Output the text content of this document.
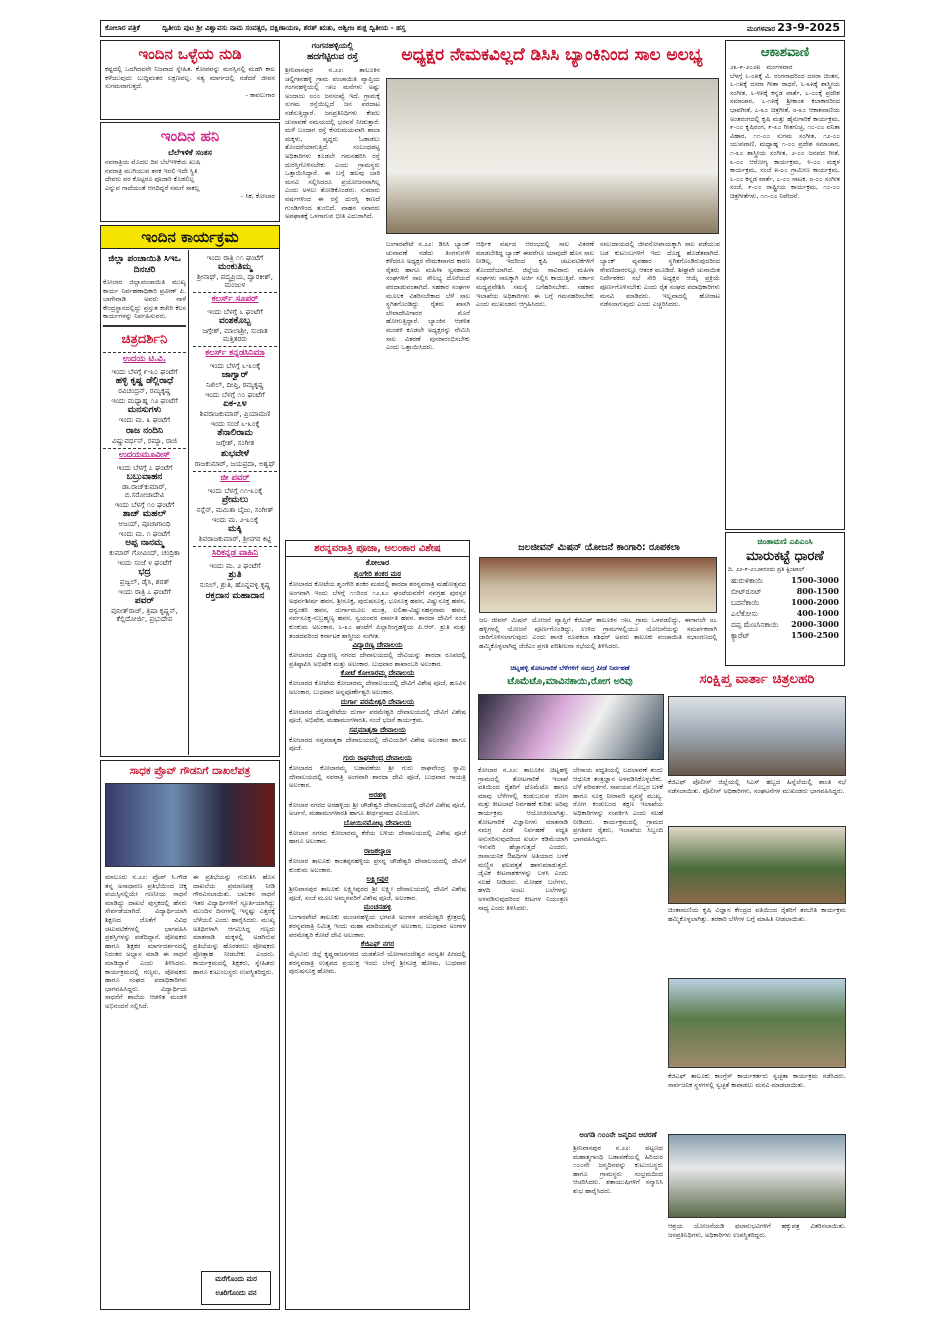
ಕೋಲಾರ ಪತ್ರಿಕೆ	ದ್ವಿತೀಯ ಪುಟ ಶ್ರೀ ವಿಶ್ವಾವಸು ನಾಮ ಸಂವತ್ಸರ, ದಕ್ಷಿಣಾಯಣ, ಶರತ್ ಋತು, ಆಶ್ವೀಜ ಶುಕ್ಲ ದ್ವಿತೀಯ - ಹಸ್ತ	ಮಂಗಳವಾರ 23-9-2025
ಇಂದಿನ ಒಳ್ಳೆಯ ನುಡಿ
ಕಷ್ಟದಲ್ಲಿ ಒದಗಿದವನೇ ನಿಜವಾದ ಸ್ನೇಹಿತ. ಕೋಪವನ್ನು ಮನಸ್ಸಿನಲ್ಲಿ ಮಡಗಿ ಕಾಲ ಕಳೆಯುವುದು ಬುದ್ಧಿವಂತರ ಲಕ್ಷಣವಲ್ಲ. ಸತ್ಯ ಮಾರ್ಗದಲ್ಲಿ ನಡೆದರೆ ಜೀವನ ಸುಗಮವಾಗುತ್ತದೆ.
- ಕಾವಲುಗಾರ
ಇಂದಿನ ಹನಿ
ಬೆಲೆಇಳಿಕೆ ಸಂತಸ
ನವರಾತ್ರಿಯ ಮೊದಲ ದಿನ ಬೆಲೆಇಳಿಕೆಯ ಖುಷಿ
ನವರಾತ್ರಿ ಮುಗಿಯುವ ತನಕ ಇರಲಿ ಇದೇ ಸ್ಥಿತಿ
ದೇವರು ವರ ಕೊಟ್ಟರೂ ಪೂಜಾರಿ ಕೊಡಲಿಲ್ಲ
ಎನ್ನುವ ಗಾದೆಯಂತೆ ಆಗದಿದ್ದರೆ ನಮಗೆ ಸಾಕಲ್ಲ
- ಸಿಕ, ಕೋಲಾರ
ಇಂದಿನ ಕಾರ್ಯಕ್ರಮ
ಜಿಲ್ಲಾ ಪಂಚಾಯಿತಿ ಸಿಇಒ ದಿನಚರಿ
ಕೋಲಾರ ಜಿಲ್ಲಾಪಂಚಾಯಿತಿ ಮುಖ್ಯ ಕಾರ್ಯ ನಿರ್ವಹಣಾಧಿಕಾರಿ ಪ್ರವೀಣ್ ಪಿ. ಬಾಗೇವಾಡಿ ಅವರು ನಾಳೆ ಕೇಂದ್ರಸ್ಥಾನದಲ್ಲಿದ್ದು ಪ್ರಸ್ತುತ ಕಚೇರಿ ಕೆಲಸ ಕಾರ್ಯಗಳನ್ನು ನಿರ್ವಹಿಸುವರು.
ಚಿತ್ರದರ್ಶಿನಿ
ಉದಯ ಟಿ.ವಿ.
ಇಂದು ಬೆಳಗ್ಗೆ ೯-೩೦ ಘಂಟೆಗೆ
ಹಳ್ಳಿ ಕೃಷ್ಣ ಡೆಲ್ಲಿರಾಧೆ
ರವಿಚಂದ್ರನ್, ರಮ್ಯಕೃಷ್ಣ
ಇಂದು ಮಧ್ಯಾಹ್ನ ೧೨ ಘಂಟೆಗೆ
ಮನಸುಗಳು
ಇಂದು ಮ. ೩ ಘಂಟೆಗೆ
ರಾಜ ನಂದಿನಿ
ವಿಷ್ಣುವರ್ಧನ್, ರಮ್ಯಾ, ರಾಜಿ
ಉದಯಮೂವೀಸ್
ಇಂದು ಬೆಳಗ್ಗೆ ೭ ಘಂಟೆಗೆ
ಬಬ್ರುವಾಹನ
ಡಾ.ರಾಜ್‌ಕುಮಾರ್, ಬಿ.ಸರೋಜಾದೇವಿ
ಇಂದು ಬೆಳಗ್ಗೆ ೧೦ ಘಂಟೆಗೆ
ತಾಜ್ ಮಹಲ್
ಅಜಯ್, ಪೂಜಾಗಾಂಧಿ
ಇಂದು ಮ. ೧ ಘಂಟೆಗೆ
ಅಪ್ಪ ನಾನಮ್ಮ
ಕುಮಾರ್ ಗೋವಿಂದ್, ಚಂದ್ರಿಕಾ
ಇಂದು ಸಂಜೆ ೪ ಘಂಟೆಗೆ
ಭದ್ರ
ಪ್ರಜ್ವಲ್, ಡೈಸಿ, ಶರತ್
ಇಂದು ರಾತ್ರಿ ೭ ಘಂಟೆಗೆ
ಪವರ್
ಪುನೀತ್‌ರಾಜ್, ತ್ರಿಷಾ ಕೃಷ್ಣನ್, ಕೆಲ್ಲಿದೋರ್ಜಿ, ಪ್ರಭುದೇವ
ಇಂದು ರಾತ್ರಿ ೧೧ ಘಂಟೆಗೆ
ಮಂಕುತಿಮ್ಮ
ಶ್ರೀನಾಥ್, ಪದ್ಮಪ್ರಿಯ, ದ್ವಾರಕೀಶ್, ಮಂಜುಳ
ಕಲರ್ಸ್ ಸೂಪರ್
ಇಂದು ಬೆಳಗ್ಗೆ ೬ ಘಂಟೆಗೆ
ವಂಶಕೊಬ್ಬ
ಜಗ್ಗೇಶ್, ಮಾಲಾಶ್ರೀ, ಸುಜಾತ ಮತ್ತಿತರರು
ಕಲರ್ಸ್ ಕನ್ನಡಸಿನಿಮಾ
ಇಂದು ಬೆಳಗ್ಗೆ ೬-೩೦ಕ್ಕೆ
ಜಾಗ್ವಾರ್
ನಿಖಿಲ್, ದೀಪ್ತಿ, ರಮ್ಯಕೃಷ್ಣ
ಇಂದು ಬೆಳಗ್ಗೆ ೧೦ ಘಂಟೆಗೆ
ಏಕ-೭೪
ಶಿವರಾಜಕುಮಾರ್, ಪ್ರಿಯಾಮಣಿ
ಇಂದು ಸಂಜೆ ೬-೩೦ಕ್ಕೆ
ತೆನಾಲಿರಾಮ
ಜಗ್ಗೇಶ್, ಸಂಗೀತ
ಶುಭವೇಳೆ
ರಾಜಕುಮಾರ್, ಜಯಪ್ರದಾ, ಅಶ್ವಥ್
ಜೀ ಪವರ್
ಇಂದು ಬೆಳಗ್ಗೆ ೧೧-೩೦ಕ್ಕೆ
ಪ್ರೇಮಲು
ನಸ್ಲೆನ್, ಮಮಿತಾ ಬೈಜು, ಸಂಗೀತ್
ಇಂದು ಮ. ೨-೩೦ಕ್ಕೆ
ಮಕ್ಕಿ
ಶಿವರಾಜಕುಮಾರ್, ಶ್ರೀನಗರ ಕಿಟ್ಟಿ
ಸಿರಿಕನ್ನಡ ವಾಹಿನಿ
ಇಂದು ಮ. ೨ ಘಂಟೆಗೆ
ಶ್ರುತಿ
ಸುನಿಲ್, ಶ್ರುತಿ, ಹೊನ್ನವಳ್ಳಿ ಕೃಷ್ಣ
ರಕ್ತದಾನ ಮಹಾದಾನ
ಸಾಧಕ ಪ್ರೊವ್ ಗೌಡನಿಗೆ ದಾಖಲೆಪತ್ರ
ಮಾಲೂರು ನ.೨೨: ಪ್ರೊವ್ ಸಿ.ಗೌಡ ತನ್ನ ಅಸಾಧಾರಣ ಪ್ರತಿಭೆಯಿಂದ ಚಿಕ್ಕ ವಯಸ್ಸಿನಲ್ಲಿಯೇ ಗಣನೀಯ ಸಾಧನೆ ಮಾಡಿದ್ದು ದಾಖಲೆ ಪುಸ್ತಕದಲ್ಲಿ ಹೆಸರು ಸೇರ್ಪಡೆಯಾಗಿದೆ. ವಿದ್ಯಾರ್ಥಿಯಾಗಿ ಶಿಕ್ಷಣದ ಜೊತೆಗೆ ವಿವಿಧ ಚಟುವಟಿಕೆಗಳಲ್ಲಿ ಭಾಗವಹಿಸಿ ಪ್ರಶಸ್ತಿಗಳನ್ನು ಪಡೆದಿದ್ದಾನೆ. ಪೋಷಕರು ಹಾಗೂ ಶಿಕ್ಷಕರ ಮಾರ್ಗದರ್ಶನದಲ್ಲಿ ನಿರಂತರ ಅಭ್ಯಾಸ ಮಾಡಿ ಈ ಸಾಧನೆ ಮಾಡಿದ್ದಾನೆ ಎಂದು ತಿಳಿಸಿದರು. ಕಾರ್ಯಕ್ರಮದಲ್ಲಿ ಗಣ್ಯರು, ಪೋಷಕರು ಹಾಗೂ ಸಂಘದ ಪದಾಧಿಕಾರಿಗಳು ಭಾಗವಹಿಸಿದ್ದರು. ವಿದ್ಯಾರ್ಥಿಯ ಸಾಧನೆಗೆ ಶಾಲೆಯ ಆಡಳಿತ ಮಂಡಳಿ ಅಭಿನಂದನೆ ಸಲ್ಲಿಸಿದೆ.
ಈ ಪ್ರತಿಭೆಯನ್ನು ಗುರುತಿಸಿ ಹೊಸ ದಾಖಲೆಯ ಪ್ರಮಾಣಪತ್ರ ನೀಡಿ ಗೌರವಿಸಲಾಯಿತು. ಬಾಲಕನ ಸಾಧನೆ ಇತರ ವಿದ್ಯಾರ್ಥಿಗಳಿಗೆ ಸ್ಫೂರ್ತಿಯಾಗಿದ್ದು ಮುಂದಿನ ದಿನಗಳಲ್ಲಿ ಇನ್ನಷ್ಟು ಎತ್ತರಕ್ಕೆ ಬೆಳೆಯಲಿ ಎಂದು ಹಾರೈಸಿದರು. ಮುಖ್ಯ ಅತಿಥಿಗಳಾಗಿ ಆಗಮಿಸಿದ್ದ ಗಣ್ಯರು ಮಾತನಾಡಿ ಮಕ್ಕಳಲ್ಲಿ ಅಡಗಿರುವ ಪ್ರತಿಭೆಯನ್ನು ಹೊರತರಲು ಪೋಷಕರು ಪ್ರೋತ್ಸಾಹ ನೀಡಬೇಕು ಎಂದರು. ಕಾರ್ಯಕ್ರಮದಲ್ಲಿ ಶಿಕ್ಷಕರು, ಸ್ನೇಹಿತರು ಹಾಗೂ ಕುಟುಂಬಸ್ಥರು ಉಪಸ್ಥಿತರಿದ್ದರು.
ಮರೆಗೊಂದು ಮರ ಊರಿಗೊಂದು ವನ
ಗಂಗನಹಳ್ಳಿಯಲ್ಲಿ
ಹದಗೆಟ್ಟಿರುವ ರಸ್ತೆ
ಶ್ರೀನಿವಾಸಪುರ ನ.೨೨: ತಾಲೂಕಿನ ಚಲ್ದಿಗಾನಹಳ್ಳಿ ಗ್ರಾಮ ಪಂಚಾಯಿತಿ ವ್ಯಾಪ್ತಿಯ ಗಂಗನಹಳ್ಳಿಯಲ್ಲಿ ೧೫೦ ಮನೆಗಳು ಅಷ್ಟು ಅಂದಾಜು ೮೦೦ ಜನಸಂಖ್ಯೆ ಇದೆ. ಗ್ರಾಮಕ್ಕೆ ಸುಗಮ ರಸ್ತೆಯಿಲ್ಲದೆ ಜನ ಪರದಾಟ ನಡೆಸುತ್ತಿದ್ದಾರೆ. ಜನಪ್ರತಿನಿಧಿಗಳು ಕೇವಲ ಚುನಾವಣೆ ಸಮಯದಲ್ಲಿ ಭರವಸೆ ನೀಡುತ್ತಾರೆ. ಮಳೆ ಬಂದಾಗ ರಸ್ತೆ ಕೆಸರುಮಯವಾಗಿ ಶಾಲಾ ಮಕ್ಕಳು, ವೃದ್ಧರು ಓಡಾಡಲು ತೊಂದರೆಯಾಗುತ್ತಿದೆ. ಸಂಬಂಧಪಟ್ಟ ಅಧಿಕಾರಿಗಳು ಕೂಡಲೇ ಗಮನಹರಿಸಿ ರಸ್ತೆ ದುರಸ್ತಿಗೊಳಿಸಬೇಕು ಎಂದು ಗ್ರಾಮಸ್ಥರು ಒತ್ತಾಯಿಸಿದ್ದಾರೆ. ಈ ಬಗ್ಗೆ ಹಲವು ಬಾರಿ ಮನವಿ ಸಲ್ಲಿಸಿದರೂ ಪ್ರಯೋಜನವಾಗಿಲ್ಲ ಎಂದು ಅಳಲು ತೋಡಿಕೊಂಡರು. ಸುಮಾರು ವರ್ಷಗಳಿಂದ ಈ ರಸ್ತೆ ದುರಸ್ತಿ ಕಾಣದೆ ಗುಂಡಿಗಳಿಂದ ತುಂಬಿದೆ. ವಾಹನ ಸವಾರರು ಅಪಘಾತಕ್ಕೆ ಒಳಗಾಗುವ ಭೀತಿ ಎದುರಾಗಿದೆ.
ಅಧ್ಯಕ್ಷರ ನೇಮಕವಿಲ್ಲದೆ ಡಿಸಿಸಿ ಬ್ಯಾಂಕಿನಿಂದ ಸಾಲ ಅಲಭ್ಯ
ಬಂಗಾರಪೇಟೆ ನ.೨೨: ಡಿಸಿಸಿ ಬ್ಯಾಂಕ್ ಚುನಾವಣೆ ನಡೆದು ತಿಂಗಳುಗಳೇ ಕಳೆದರೂ ಅಧ್ಯಕ್ಷರ ನೇಮಕವಾಗದ ಕಾರಣ ರೈತರು ಹಾಗೂ ಮಹಿಳಾ ಸ್ವಸಹಾಯ ಸಂಘಗಳಿಗೆ ಸಾಲ ಸೌಲಭ್ಯ ದೊರೆಯದೆ ಪರದಾಡುವಂತಾಗಿದೆ. ಸಹಕಾರ ಸಂಘಗಳ ಮೂಲಕ ವಿತರಿಸಬೇಕಾದ ಬೆಳೆ ಸಾಲ ಸ್ಥಗಿತಗೊಂಡಿದ್ದು ರೈತರು ಖಾಸಗಿ ಲೇವಾದೇವಿಗಾರರ ಮೊರೆ ಹೋಗುತ್ತಿದ್ದಾರೆ. ಬ್ಯಾಂಕಿನ ಆಡಳಿತ ಮಂಡಳಿ ಕೂಡಲೇ ಅಧ್ಯಕ್ಷರನ್ನು ನೇಮಿಸಿ ಸಾಲ ವಿತರಣೆ ಪುನರಾರಂಭಿಸಬೇಕು ಎಂದು ಒತ್ತಾಯಿಸಿದರು.
ಆರ್ಥಿಕ ವರ್ಷದ ಆರಂಭದಲ್ಲಿ ಸಾಲ ವಿತರಣೆ ಮಾಡಬೇಕಿದ್ದ ಬ್ಯಾಂಕ್ ಈವರೆಗೂ ಯಾವುದೇ ಹೊಸ ಸಾಲ ನೀಡಿಲ್ಲ. ಇದರಿಂದ ಕೃಷಿ ಚಟುವಟಿಕೆಗಳಿಗೆ ತೊಂದರೆಯಾಗಿದೆ. ಜಿಲ್ಲೆಯ ಸಾವಿರಾರು ಮಹಿಳಾ ಸಂಘಗಳು ಸಾಲಕ್ಕಾಗಿ ಅರ್ಜಿ ಸಲ್ಲಿಸಿ ಕಾಯುತ್ತಿವೆ. ಸರ್ಕಾರ ಮಧ್ಯಪ್ರವೇಶಿಸಿ ಸಮಸ್ಯೆ ಬಗೆಹರಿಸಬೇಕು. ಸಹಕಾರ ಇಲಾಖೆಯ ಅಧಿಕಾರಿಗಳು ಈ ಬಗ್ಗೆ ಗಮನಹರಿಸಬೇಕು ಎಂದು ಮುಖಂಡರು ಆಗ್ರಹಿಸಿದರು.
ಸಮುದಾಯದಲ್ಲಿ ಜೀವನೋಪಾಯಕ್ಕಾಗಿ ಸಾಲ ಪಡೆಯುವ ಬಡ ಕುಟುಂಬಗಳಿಗೆ ಇದು ದೊಡ್ಡ ಹೊಡೆತವಾಗಿದೆ. ಬ್ಯಾಂಕ್ ವ್ಯವಹಾರ ಸ್ಥಗಿತಗೊಂಡಿರುವುದರಿಂದ ಠೇವಣಿದಾರರಲ್ಲೂ ಆತಂಕ ಮೂಡಿದೆ. ಶೀಘ್ರವೇ ಚುನಾಯಿತ ನಿರ್ದೇಶಕರು ಸಭೆ ಸೇರಿ ಅಧ್ಯಕ್ಷರ ಆಯ್ಕೆ ಪ್ರಕ್ರಿಯೆ ಪೂರ್ಣಗೊಳಿಸಬೇಕು ಎಂದು ರೈತ ಸಂಘದ ಪದಾಧಿಕಾರಿಗಳು ಮನವಿ ಮಾಡಿದರು. ಇಲ್ಲವಾದಲ್ಲಿ ಹೋರಾಟ ನಡೆಸಲಾಗುವುದು ಎಂದು ಎಚ್ಚರಿಸಿದರು.
ಆಕಾಶವಾಣಿ
೨೩-೯-೨೦೨೫ ಮಂಗಳವಾರ
ಬೆಳಗ್ಗೆ ೬-೦೫ಕ್ಕೆ ವಿ. ರಂಗನಾಥರಿಂದ ದಸರಾ ಚಿಂತನ, ೬-೧೫ಕ್ಕೆ ದಸರಾ ಗೀತಾ ರಾಧನೆ, ೬-೩೫ಕ್ಕೆ ಶಾಸ್ತ್ರೀಯ ಸಂಗೀತ, ೬-೪೫ಕ್ಕೆ ಕನ್ನಡ ವಾರ್ತೆ, ೭-೦೦ಕ್ಕೆ ಪ್ರದೇಶ ಸಮಾಚಾರ, ೭-೧೫ಕ್ಕೆ ಶ್ರೀಕಾಂತ ಕಲಾಕಾರರಿಂದ ಭಾವಗೀತೆ, ೭-೩೦ ಚಿತ್ರಗೀತೆ, ೮-೩೦ ಆಕಾಶವಾಣಿಯ ಅಂತರಂಗದಲ್ಲಿ ಕೃಷಿ ಮತ್ತು ಹೈನುಗಾರಿಕೆ ಕಾರ್ಯಕ್ರಮ, ೯-೦೦ ಕೃಷಿರಂಗ, ೯-೩೦ ಗೀತಗುಚ್ಛ, ೧೦-೦೦ ವನಿತಾ ವಿಹಾರ, ೧೧-೦೦ ಸುಗಮ ಸಂಗೀತ, ೧೨-೦೦ ಯುವವಾಣಿ, ಮಧ್ಯಾಹ್ನ ೧-೦೦ ಪ್ರದೇಶ ಸಮಾಚಾರ, ೧-೩೦ ಶಾಸ್ತ್ರೀಯ ಸಂಗೀತ, ೨-೦೦ ಜನಪದ ಗೀತೆ, ೩-೦೦ ಆರೋಗ್ಯ ಕಾರ್ಯಕ್ರಮ, ೪-೦೦ ಮಕ್ಕಳ ಕಾರ್ಯಕ್ರಮ, ಸಂಜೆ ೫-೦೦ ಗ್ರಾಮೀಣ ಕಾರ್ಯಕ್ರಮ, ೬-೦೦ ಕನ್ನಡ ವಾರ್ತೆ, ೭-೦೦ ನಾಟಕ, ೮-೦೦ ಸಂಗೀತ ಸಂಜೆ, ೯-೦೦ ರಾಷ್ಟ್ರೀಯ ಕಾರ್ಯಕ್ರಮ, ೧೦-೦೦ ಚಿತ್ರಗೀತೆಗಳು, ೧೧-೦೦ ನಿವೇದನೆ.
ಚಿಂತಾಮಣಿ ಎಪಿಎಂಸಿ
ಮಾರುಕಟ್ಟೆ ಧಾರಣೆ
ದಿ. ೨೨-೯-೨೦೨೫ರಂದು ಪ್ರತಿ ಕ್ವಿಂಟಾಲ್
ಹುರುಳಿಕಾಯಿ	1500-3000
ಬೀಟ್‌ರೂಟ್	800-1500
ಬದನೆಕಾಯಿ	1000-2000
ಎಲೆಕೋಸು	400-1000
ದಪ್ಪ ಮೆಣಸಿನಕಾಯಿ	2000-3000
ಕ್ಯಾರೆಟ್	1500-2500
ಶರನ್ನವರಾತ್ರಿ ಪೂಜಾ, ಅಲಂಕಾರ ವಿಶೇಷ
ಕೋಲಾರ
ಶೃಂಗೇರಿ ಶಂಕರ ಮಠ
ಕೋಲಾರದ ಕೋಟೆಯ ಶೃಂಗೇರಿ ಶಂಕರ ಮಠದಲ್ಲಿ ಶಾರದಾ ಶರನ್ನವರಾತ್ರಿ ಮಹೋತ್ಸವದ ಅಂಗವಾಗಿ ಇಂದು ಬೆಳಗ್ಗೆ ೧೧ರಿಂದ ೧೨.೩೦ ಘಂಟೆಯವರೆಗೆ ನವಗ್ರಹ ಪುರಸ್ಸರ ಅಥರ್ವಶೀರ್ಷ ಹವನ, ಶ್ರೀಸೂಕ್ತ, ಪುರುಷಸೂಕ್ತ, ಭೂಸೂಕ್ತ ಹವನ, ವಿಷ್ಣುಸೂಕ್ತ ಹವನ, ಧನ್ವಂತರಿ ಹವನ, ದುರ್ಗಾಮೂಲ ಮಂತ್ರ, ಲಲಿತಾ-ವಿಷ್ಣುಸಹಸ್ರನಾಮ ಹವನ, ಸರ್ವಸೂಕ್ತ-ಸುಬ್ರಹ್ಮಣ್ಯ ಹವನ, ಸ್ವಯಂವರ ಪಾರ್ವತಿ ಹವನ. ಶಾರದಾ ದೇವಿಗೆ ಸಂಜೆ ಕುಂಕುಮ ಅಲಂಕಾರ, ೬-೩೦ ಘಂಟೆಗೆ ಪಿಲ್ಲಾರಿಂಗ್ಲಹಳ್ಳಿಯ ಪಿ.ಆರ್. ಶ್ರುತಿ ಮತ್ತು ತಂಡದವರಿಂದ ಕರ್ನಾಟಕ ಶಾಸ್ತ್ರೀಯ ಸಂಗೀತ.
ವಿದ್ಯಾರಣ್ಯ ದೇವಾಲಯ
ಕೋಲಾರದ ವಿದ್ಯಾರಣ್ಯ ನಗರದ ದೇವಾಲಯದಲ್ಲಿ ದೇವಿಯನ್ನು ಶಾರದಾ ರೂಪದಲ್ಲಿ ಪ್ರತಿಷ್ಠಾಪಿಸಿ ಅಭಿಷೇಕ ಮತ್ತು ಅಲಂಕಾರ. ಬುಧವಾರ ಶಾಖಾಂಬರಿ ಅಲಂಕಾರ.
ಕೋಟೆ ಕೋಲಾರಮ್ಮ ದೇವಾಲಯ
ಕೋಲಾರದ ಕೋಟೆಯ ಕೋಲಾರಮ್ಮ ದೇವಾಲಯದಲ್ಲಿ ದೇವಿಗೆ ವಿಶೇಷ ಪೂಜೆ, ಹೂವಿನ ಅಲಂಕಾರ, ಬುಧವಾರ ಅನ್ನಪೂರ್ಣೇಶ್ವರಿ ಅಲಂಕಾರ.
ದುರ್ಗಾ ಪರಮೇಶ್ವರಿ ದೇವಾಲಯ
ಕೋಲಾರದ ದೊಡ್ಡಪೇಟೆಯ ದುರ್ಗಾ ಪರಮೇಶ್ವರಿ ದೇವಾಲಯದಲ್ಲಿ ದೇವಿಗೆ ವಿಶೇಷ ಪೂಜೆ, ಅಭಿಷೇಕ, ಮಹಾಮಂಗಳಾರತಿ, ಸಂಜೆ ಭಜನೆ ಕಾರ್ಯಕ್ರಮ.
ಸಪ್ತಮಾತೃಕಾ ದೇವಾಲಯ
ಕೋಲಾರದ ಸಪ್ತಮಾತೃಕಾ ದೇವಾಲಯದಲ್ಲಿ ದೇವಿಯರಿಗೆ ವಿಶೇಷ ಅಲಂಕಾರ ಹಾಗೂ ಪೂಜೆ.
ಗುರು ರಾಘವೇಂದ್ರ ದೇವಾಲಯ
ಕೋಲಾರದ ಕೋಲಾರಮ್ಮ ಬಡಾವಣೆಯ ಶ್ರೀ ಗುರು ರಾಘವೇಂದ್ರ ಸ್ವಾಮಿ ದೇವಾಲಯದಲ್ಲಿ ನವರಾತ್ರಿ ಅಂಗವಾಗಿ ಶಾರದಾ ದೇವಿ ಪೂಜೆ, ಬುಧವಾರ ಗಾಯತ್ರಿ ಅಲಂಕಾರ.
ಅರಹಳ್ಳಿ
ಕೋಲಾರ ನಗರದ ಅರಹಳ್ಳಿಯ ಶ್ರೀ ಚೌಡೇಶ್ವರಿ ದೇವಾಲಯದಲ್ಲಿ ದೇವಿಗೆ ವಿಶೇಷ ಪೂಜೆ, ಅರ್ಚನೆ, ಮಹಾಮಂಗಳಾರತಿ ಹಾಗೂ ತೀರ್ಥಪ್ರಸಾದ ವಿನಿಯೋಗ.
ಬೋಯಿನಮೋಟ್ಟ ದೇವಾಲಯ
ಕೋಲಾರ ನಗರದ ಕೋಲಾರಮ್ಮ ಕೆರೆಯ ಬಳಿಯ ದೇವಾಲಯದಲ್ಲಿ ವಿಶೇಷ ಪೂಜೆ ಹಾಗೂ ಅಲಂಕಾರ.
ರಾಜಕಲ್ಯಾಣ
ಕೋಲಾರ ತಾಲೂಕು ಕಾಂತಪ್ಪನಹಳ್ಳಿಯ ಪ್ರಸನ್ನ ಚೌಡೇಶ್ವರಿ ದೇವಾಲಯದಲ್ಲಿ ದೇವಿಗೆ ಕುಂಕುಮ ಅಲಂಕಾರ.
ಲಕ್ಷ್ಮೀಪುರ
ಶ್ರೀನಿವಾಸಪುರ ತಾಲೂಕು ಲಕ್ಷ್ಮೀಪುರದ ಶ್ರೀ ಲಕ್ಷ್ಮೀ ದೇವಾಲಯದಲ್ಲಿ ದೇವಿಗೆ ವಿಶೇಷ ಪೂಜೆ, ಸಂಜೆ ಮೂಲ ಅಮ್ಮನವರಿಗೆ ವಿಶೇಷ ಪೂಜೆ, ಅಲಂಕಾರ.
ಮಂಚನಹಳ್ಳಿ
ಬಂಗಾರಪೇಟೆ ತಾಲೂಕು ಮಂಚನಹಳ್ಳಿಯ ಭಗವತಿ ಅಂಗಾಳ ಪರಮೇಶ್ವರಿ ಕ್ಷೇತ್ರದಲ್ಲಿ ಶರನ್ನವರಾತ್ರಿ ನಿಮಿತ್ತ ಇಂದು ಮಹಾ ಮಾರಿಯಮ್ಮನ್ ಅಲಂಕಾರ, ಬುಧವಾರ ಅಂಗಾಳ ಪರಮೇಶ್ವರಿ ಕೋಟೆ ದೇವಿ ಅಲಂಕಾರ.
ಕೆಜಿಎಫ್ ನಗರ
ಮೈಸೂರು ಜಿಲ್ಲೆ ಕೃಷ್ಣರಾಜನಗರದ ಯಡತೊರೆ ಯೋಗಾನಂದೇಶ್ವರ ಸರಸ್ವತೀ ಪೀಠದಲ್ಲಿ ಶರನ್ನವರಾತ್ರಿ ಉತ್ಸವದ ಪ್ರಯುಕ್ತ ಇಂದು ಬೆಳಗ್ಗೆ ಶ್ರೀಸೂಕ್ತ ಹೋಮ, ಬುಧವಾರ ಪುರುಷಸೂಕ್ತ ಹೋಮ.
ಜಲಜೀವನ್ ಮಿಷನ್ ಯೋಜನೆ ಕಾಂಗಾರಿ: ರೂಪಕಲಾ
ಜಲ ಜೀವನ್ ಮಿಷನ್ ಯೋಜನೆ ವ್ಯಾಪ್ತಿಗೆ ಕೆಜಿಎಫ್ ತಾಲೂಕಿನ ೧೫೬ ಗ್ರಾಮ ಒಳಪಡಲಿದ್ದು, ಈಗಾಗಲೇ ೮೭ ಹಳ್ಳಿಗಳಲ್ಲಿ ಯೋಜನೆ ಪೂರ್ಣಗೊಂಡಿದ್ದು, ಉಳಿದ ಗ್ರಾಮಗಳಲ್ಲಿಯೂ ಯೋಜನೆಯನ್ನು ಸಮರ್ಪಕವಾಗಿ ಜಾರಿಗೊಳಿಸಲಾಗುವುದು ಎಂದು ಶಾಸಕಿ ರೂಪಕಲಾ ಶಶಿಧರ್ ಅವರು ತಾಲೂಕು ಪಂಚಾಯಿತಿ ಸಭಾಂಗಣದಲ್ಲಿ ಹಮ್ಮಿಕೊಳ್ಳಲಾಗಿದ್ದ ಜೆಜೆಎಂ ಪ್ರಗತಿ ಪರಿಶೀಲನಾ ಸಭೆಯಲ್ಲಿ ತಿಳಿಸಿದರು.
ಚಿಟ್ನಹಳ್ಳಿ ತೋಟಗಾರಿಕೆ ಬೆಳೆಗಳಿಗೆ ಸಮಗ್ರ ಪೀಡೆ ನಿರ್ವಹಣೆ
ಟೊಮೆಟೊ,ಮಾವಿನಕಾಯಿ,ರೋಗ ಅರಿವು
ಕೋಲಾರ ನ.೨೨: ತಾಲೂಕಿನ ಚಿಟ್ನಹಳ್ಳಿ ಗ್ರಾಮದಲ್ಲಿ ತೋಟಗಾರಿಕೆ ಇಲಾಖೆ ವತಿಯಿಂದ ರೈತರಿಗೆ ಟೊಮೆಟೊ ಹಾಗೂ ಮಾವು ಬೆಳೆಗಳಲ್ಲಿ ಕಂಡುಬರುವ ರೋಗ ಮತ್ತು ಕೀಟಬಾಧೆ ನಿರ್ವಹಣೆ ಕುರಿತು ಅರಿವು ಕಾರ್ಯಕ್ರಮ ಆಯೋಜಿಸಲಾಗಿತ್ತು. ತೋಟಗಾರಿಕೆ ವಿಜ್ಞಾನಿಗಳು ಮಾತನಾಡಿ ಸಮಗ್ರ ಪೀಡೆ ನಿರ್ವಹಣೆ ಪದ್ಧತಿ ಅನುಸರಿಸುವುದರಿಂದ ಖರ್ಚು ಕಡಿಮೆಯಾಗಿ ಇಳುವರಿ ಹೆಚ್ಚಾಗುತ್ತದೆ ಎಂದರು. ರಾಸಾಯನಿಕ ಔಷಧಿಗಳ ಅತಿಯಾದ ಬಳಕೆ ಮಣ್ಣಿನ ಫಲವತ್ತತೆ ಹಾಳುಮಾಡುತ್ತದೆ. ಜೈವಿಕ ಕೀಟನಾಶಕಗಳನ್ನು ಬಳಸಿ ಎಂದು ಸಲಹೆ ನೀಡಿದರು. ಮೋಹಕ ಬಲೆಗಳು, ಹಳದಿ ಅಂಟು ಬಲೆಗಳನ್ನು ಅಳವಡಿಸುವುದರಿಂದ ಕೀಟಗಳ ನಿಯಂತ್ರಣ ಸಾಧ್ಯ ಎಂದು ತಿಳಿಸಿದರು.
ಬೇಸಾಯ ಪದ್ಧತಿಯಲ್ಲಿ ಬದಲಾವಣೆ ತಂದು ಆಧುನಿಕ ತಂತ್ರಜ್ಞಾನ ಅಳವಡಿಸಿಕೊಳ್ಳಬೇಕು. ಬೆಳೆ ಪರಿವರ್ತನೆ, ಸಾವಯವ ಗೊಬ್ಬರ ಬಳಕೆ ಹಾಗೂ ಸೂಕ್ತ ನೀರಾವರಿ ವ್ಯವಸ್ಥೆ ಮುಖ್ಯ. ರೋಗ ಕಂಡುಬಂದ ತಕ್ಷಣ ಇಲಾಖೆಯ ಅಧಿಕಾರಿಗಳನ್ನು ಸಂಪರ್ಕಿಸಿ ಎಂದು ಸಲಹೆ ನೀಡಿದರು. ಕಾರ್ಯಕ್ರಮದಲ್ಲಿ ಗ್ರಾಮದ ಪ್ರಗತಿಪರ ರೈತರು, ಇಲಾಖೆಯ ಸಿಬ್ಬಂದಿ ಭಾಗವಹಿಸಿದ್ದರು.
ಅಂಗಡಿ ೧೦೦ನೇ ಜನ್ಮದಿನ ಆಚರಣೆ
ಶ್ರೀನಿವಾಸಪುರ ನ.೨೨: ಪಟ್ಟಣದ ಮಹಾತ್ಮಗಾಂಧಿ ಬಡಾವಣೆಯಲ್ಲಿ ಹಿರಿಯರ ೧೦೦ನೇ ಜನ್ಮದಿನವನ್ನು ಕುಟುಂಬಸ್ಥರು ಹಾಗೂ ಗ್ರಾಮಸ್ಥರು ಸಂಭ್ರಮದಿಂದ ಆಚರಿಸಿದರು. ಶತಾಯುಷಿಗಳಿಗೆ ಸನ್ಮಾನಿಸಿ ಶುಭ ಹಾರೈಸಿದರು.
ಸಂಕ್ಷಿಪ್ತ ವಾರ್ತಾ ಚಿತ್ರಲಹರಿ
ಕೆಜಿಎಫ್ ಪೊಲೀಸ್ ಜಿಲ್ಲೆಯಲ್ಲಿ ಸಿಎಸ್ ಹಬ್ಬದ ಹಿನ್ನೆಲೆಯಲ್ಲಿ ಶಾಂತಿ ಸಭೆ ನಡೆಸಲಾಯಿತು. ಪೊಲೀಸ್ ಅಧಿಕಾರಿಗಳು, ಸಂಘಟನೆಗಳ ಮುಖಂಡರು ಭಾಗವಹಿಸಿದ್ದರು.
ಚಿಂತಾಮಣಿಯ ಕೃಷಿ ವಿಜ್ಞಾನ ಕೇಂದ್ರದ ವತಿಯಿಂದ ರೈತರಿಗೆ ತರಬೇತಿ ಕಾರ್ಯಕ್ರಮ ಹಮ್ಮಿಕೊಳ್ಳಲಾಗಿತ್ತು. ತರಕಾರಿ ಬೆಳೆಗಳ ಬಗ್ಗೆ ಮಾಹಿತಿ ನೀಡಲಾಯಿತು.
ಕೆಜಿಎಫ್ ತಾಲೂಕು ಕಾಂಗ್ರೆಸ್ ಕಾರ್ಯಕರ್ತರು ಸ್ವಚ್ಛತಾ ಕಾರ್ಯಕ್ರಮ ನಡೆಸಿದರು. ಸಾರ್ವಜನಿಕ ಸ್ಥಳಗಳಲ್ಲಿ ಸ್ವಚ್ಛತೆ ಕಾಪಾಡಲು ಮನವಿ ಮಾಡಲಾಯಿತು.
ಆಶ್ರಯ ಯೋಜನೆಯಡಿ ಫಲಾನುಭವಿಗಳಿಗೆ ಹಕ್ಕುಪತ್ರ ವಿತರಿಸಲಾಯಿತು. ಜನಪ್ರತಿನಿಧಿಗಳು, ಅಧಿಕಾರಿಗಳು ಉಪಸ್ಥಿತರಿದ್ದರು.
